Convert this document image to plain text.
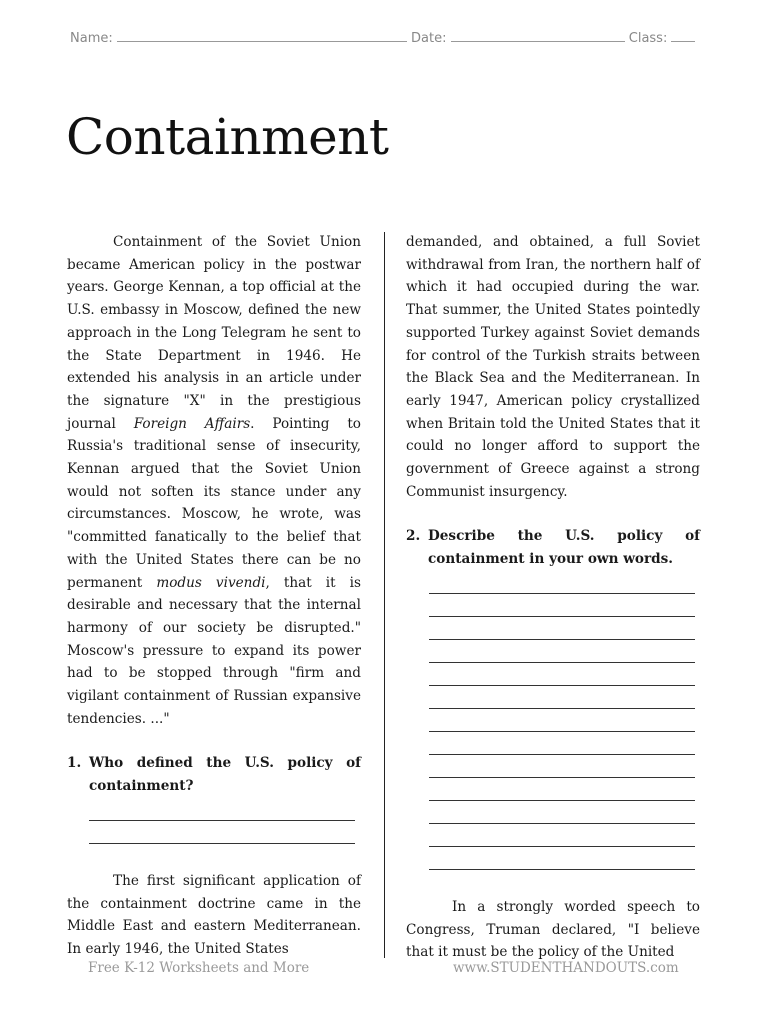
Name:	Date:	Class:
Containment

Containment of the Soviet Union became American policy in the postwar years. George Kennan, a top official at the U.S. embassy in Moscow, defined the new approach in the Long Telegram he sent to the State Department in 1946. He extended his analysis in an article under the signature "X" in the prestigious journal Foreign Affairs. Pointing to Russia's traditional sense of insecurity, Kennan argued that the Soviet Union would not soften its stance under any circumstances. Moscow, he wrote, was "committed fanatically to the belief that with the United States there can be no permanent modus vivendi, that it is desirable and necessary that the internal harmony of our society be disrupted." Moscow's pressure to expand its power had to be stopped through "firm and vigilant containment of Russian expansive tendencies. ..."

1. Who defined the U.S. policy of containment?

The first significant application of the containment doctrine came in the Middle East and eastern Mediterranean. In early 1946, the United States

demanded, and obtained, a full Soviet withdrawal from Iran, the northern half of which it had occupied during the war. That summer, the United States pointedly supported Turkey against Soviet demands for control of the Turkish straits between the Black Sea and the Mediterranean. In early 1947, American policy crystallized when Britain told the United States that it could no longer afford to support the government of Greece against a strong Communist insurgency.

2. Describe the U.S. policy of containment in your own words.

In a strongly worded speech to Congress, Truman declared, "I believe that it must be the policy of the United

Free K-12 Worksheets and More	www.STUDENTHANDOUTS.com
